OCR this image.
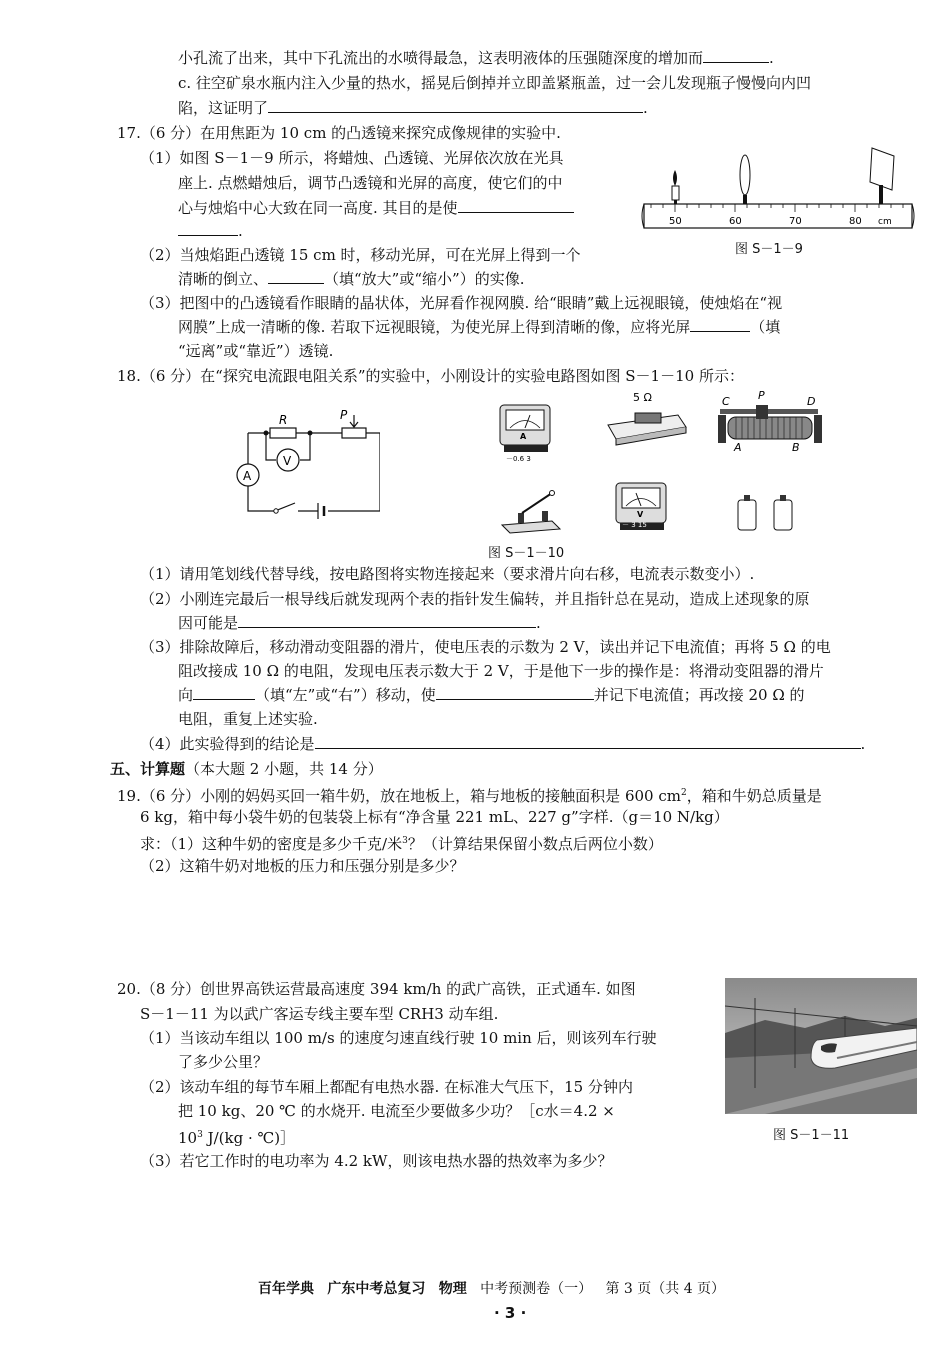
小孔流了出来，其中下孔流出的水喷得最急，这表明液体的压强随深度的增加而	.
c. 往空矿泉水瓶内注入少量的热水，摇晃后倒掉并立即盖紧瓶盖，过一会儿发现瓶子慢慢向内凹
陷，这证明了	.
17.（6 分）在用焦距为 10 cm 的凸透镜来探究成像规律的实验中.
（1）如图 S－1－9 所示，将蜡烛、凸透镜、光屏依次放在光具
座上. 点燃蜡烛后，调节凸透镜和光屏的高度，使它们的中
心与烛焰中心大致在同一高度. 其目的是使
.
（2）当烛焰距凸透镜 15 cm 时，移动光屏，可在光屏上得到一个
清晰的倒立、	（填“放大”或“缩小”）的实像.
（3）把图中的凸透镜看作眼睛的晶状体，光屏看作视网膜. 给“眼睛”戴上远视眼镜，使烛焰在“视
网膜”上成一清晰的像. 若取下远视眼镜，为使光屏上得到清晰的像，应将光屏	（填
“远离”或“靠近”）透镜.
50	60	70	80 cm
图 S－1－9
18.（6 分）在“探究电流跟电阻关系”的实验中，小刚设计的实验电路图如图 S－1－10 所示：
V
A
R	P
A
－0.6 3
5 Ω	C	P	D
A	B
V
－ 3 15
图 S－1－10
（1）请用笔划线代替导线，按电路图将实物连接起来（要求滑片向右移，电流表示数变小）.
（2）小刚连完最后一根导线后就发现两个表的指针发生偏转，并且指针总在晃动，造成上述现象的原
因可能是	.
（3）排除故障后，移动滑动变阻器的滑片，使电压表的示数为 2 V，读出并记下电流值；再将 5 Ω 的电
阻改接成 10 Ω 的电阻，发现电压表示数大于 2 V，于是他下一步的操作是：将滑动变阻器的滑片
向	（填“左”或“右”）移动，使	并记下电流值；再改接 20 Ω 的
电阻，重复上述实验.
（4）此实验得到的结论是	.
五、计算题（本大题 2 小题，共 14 分）
19.（6 分）小刚的妈妈买回一箱牛奶，放在地板上，箱与地板的接触面积是 600 $cm^2$，箱和牛奶总质量是
6 kg，箱中每小袋牛奶的包装袋上标有“净含量 221 mL、227 g”字样.（g＝10 N/kg）
求：（1）这种牛奶的密度是多少千克/米$^3$？（计算结果保留小数点后两位小数）
（2）这箱牛奶对地板的压力和压强分别是多少？
20.（8 分）创世界高铁运营最高速度 394 km/h 的武广高铁，正式通车. 如图
S－1－11 为以武广客运专线主要车型 CRH3 动车组.
（1）当该动车组以 100 m/s 的速度匀速直线行驶 10 min 后，则该列车行驶
了多少公里？
（2）该动车组的每节车厢上都配有电热水器. 在标准大气压下，15 分钟内
把 10 kg、20 ℃ 的水烧开. 电流至少要做多少功？［c水＝4.2 ×
$10^3$ J/(kg · ℃)］
（3）若它工作时的电功率为 4.2 kW，则该电热水器的热效率为多少？
图 S－1－11
百年学典 广东中考总复习 物理 中考预测卷（一） 第 3 页（共 4 页）
· 3 ·
